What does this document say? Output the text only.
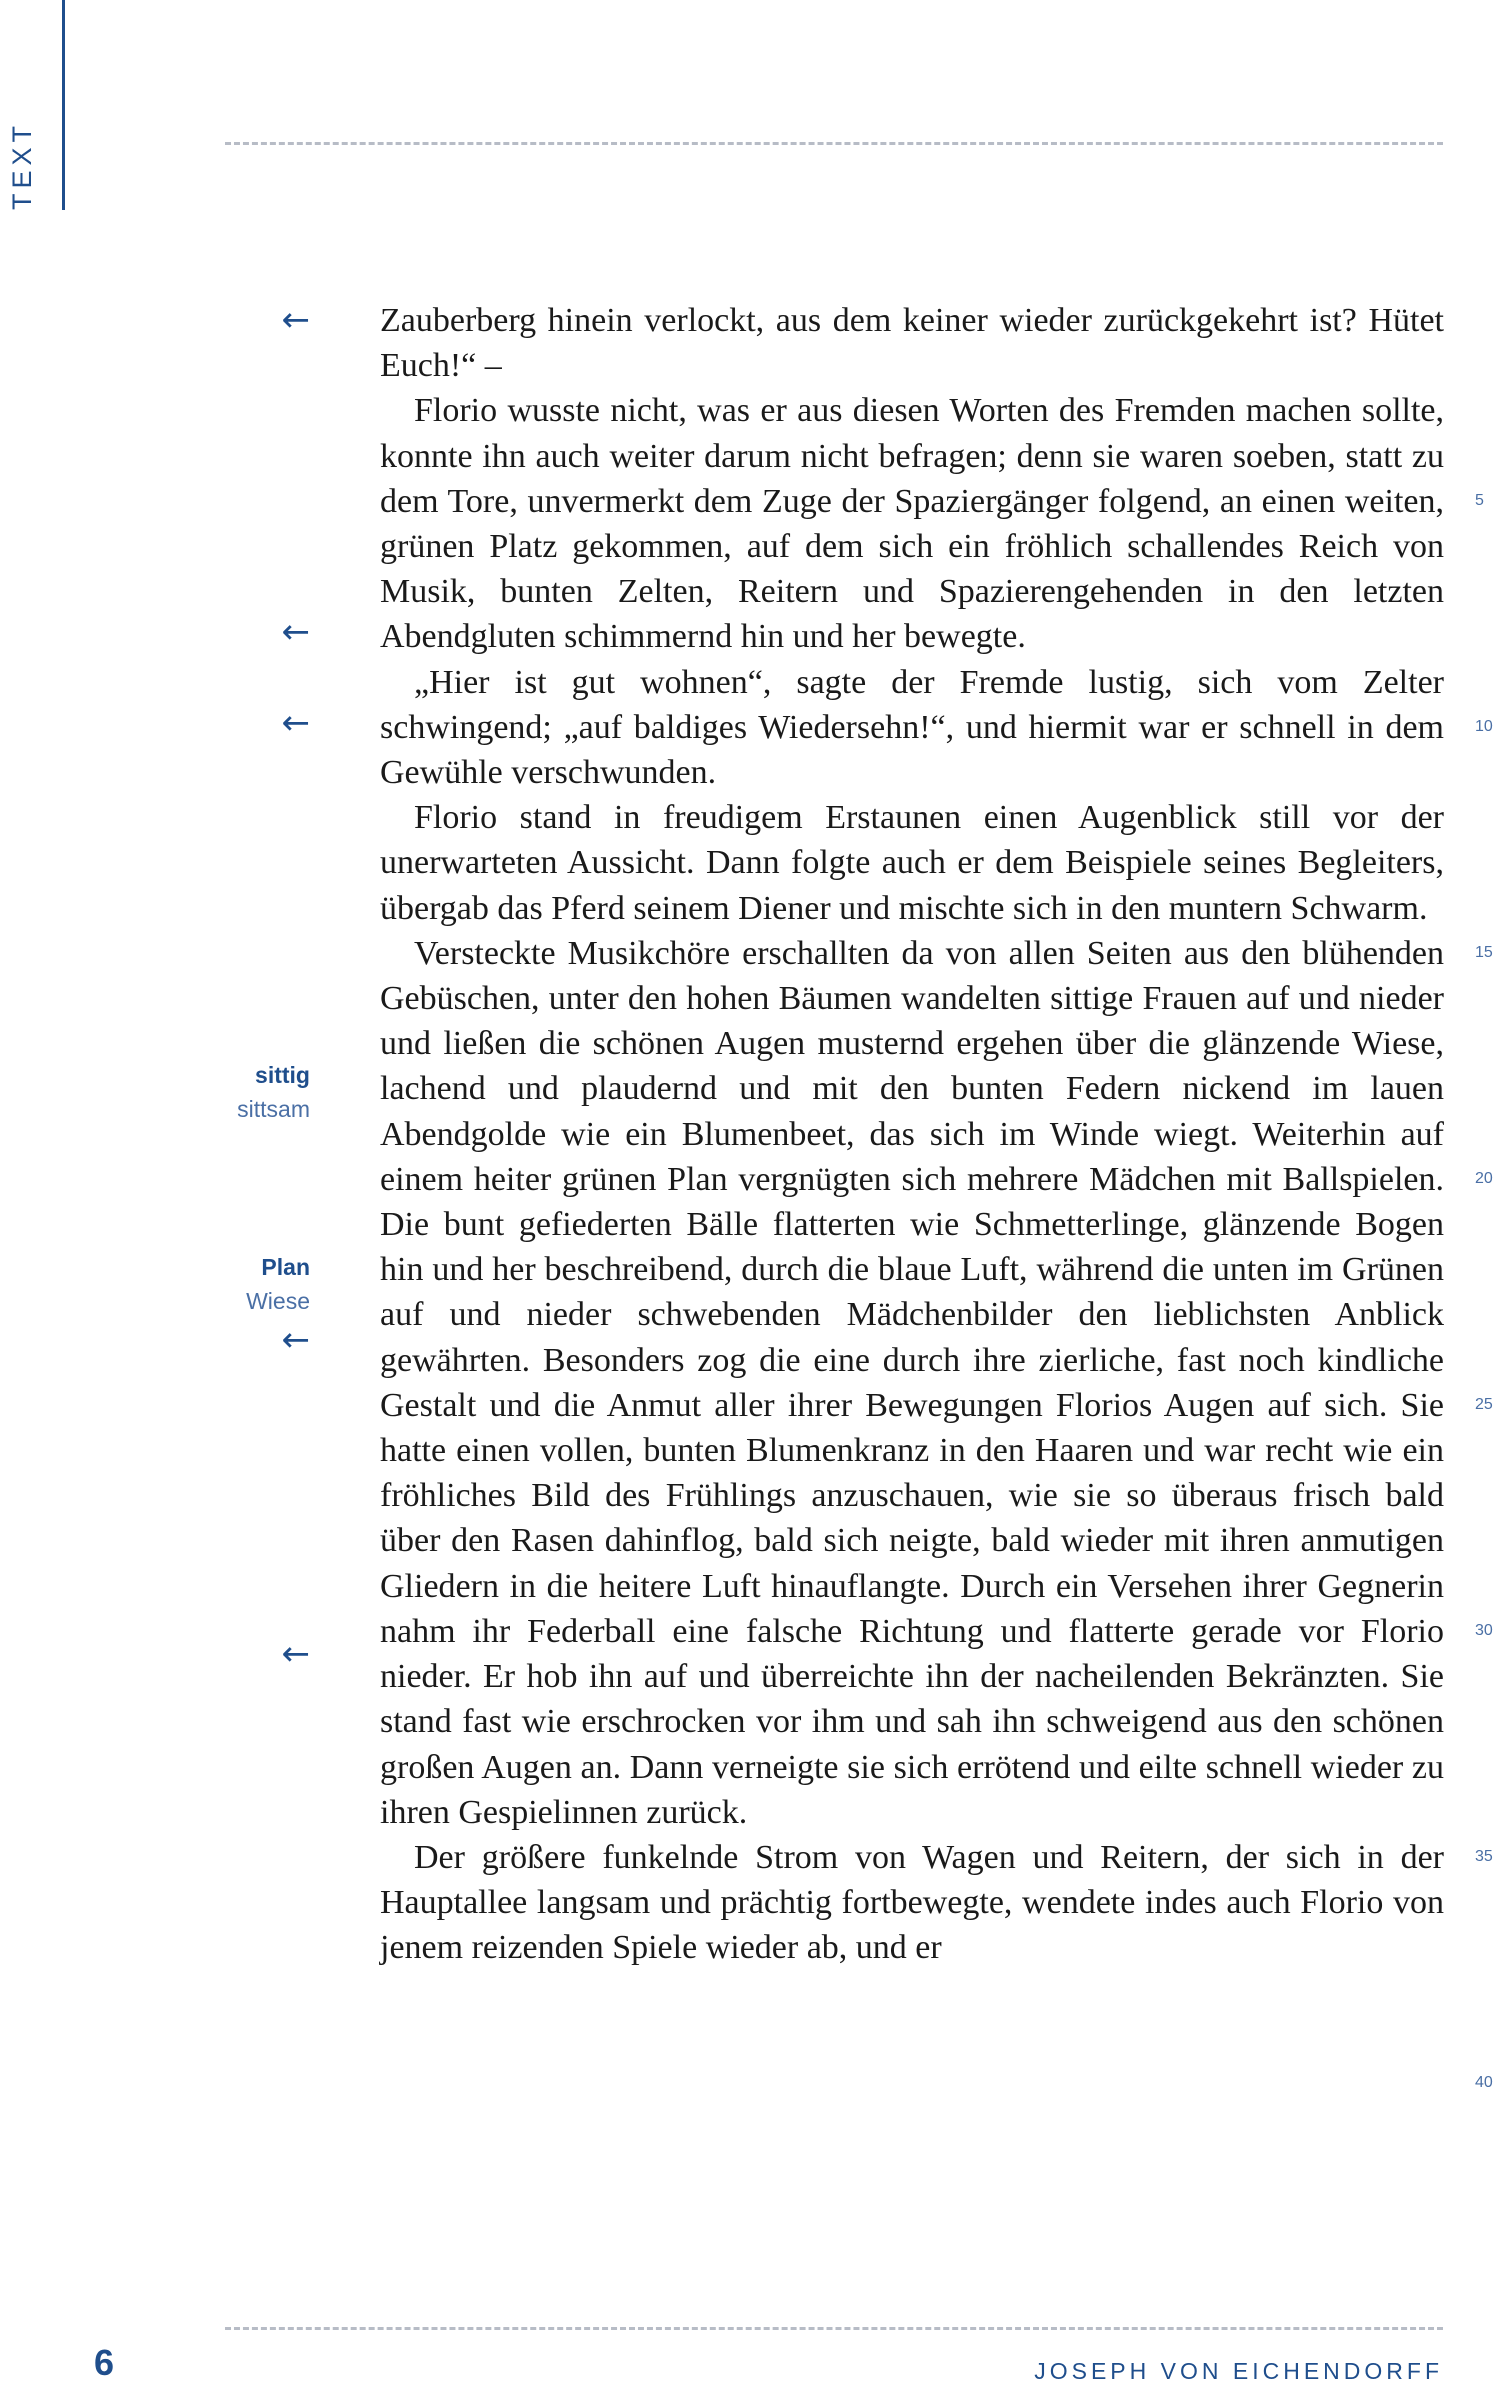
TEXT
←
←
←
sittig
sittsam
Plan
Wiese
←
←

Zauberberg hinein verlockt, aus dem keiner wieder zurückgekehrt ist? Hütet Euch!“ –

Florio wusste nicht, was er aus diesen Worten des Fremden machen sollte, konnte ihn auch weiter darum nicht befragen; denn sie waren soeben, statt zu dem Tore, unvermerkt dem Zuge der Spaziergänger folgend, an einen weiten, grünen Platz gekommen, auf dem sich ein fröhlich schallendes Reich von Musik, bunten Zelten, Reitern und Spazierengehenden in den letzten Abendgluten schimmernd hin und her bewegte.

„Hier ist gut wohnen“, sagte der Fremde lustig, sich vom Zelter schwingend; „auf baldiges Wiedersehn!“, und hiermit war er schnell in dem Gewühle verschwunden.

Florio stand in freudigem Erstaunen einen Augenblick still vor der unerwarteten Aussicht. Dann folgte auch er dem Beispiele seines Begleiters, übergab das Pferd seinem Diener und mischte sich in den muntern Schwarm.

Versteckte Musikchöre erschallten da von allen Seiten aus den blühenden Gebüschen, unter den hohen Bäumen wandelten sittige Frauen auf und nieder und ließen die schönen Augen musternd ergehen über die glänzende Wiese, lachend und plaudernd und mit den bunten Federn nickend im lauen Abendgolde wie ein Blumenbeet, das sich im Winde wiegt. Weiterhin auf einem heiter grünen Plan vergnügten sich mehrere Mädchen mit Ballspielen. Die bunt gefiederten Bälle flatterten wie Schmetterlinge, glänzende Bogen hin und her beschreibend, durch die blaue Luft, während die unten im Grünen auf und nieder schwebenden Mädchenbilder den lieblichsten Anblick gewährten. Besonders zog die eine durch ihre zierliche, fast noch kindliche Gestalt und die Anmut aller ihrer Bewegungen Florios Augen auf sich. Sie hatte einen vollen, bunten Blumenkranz in den Haaren und war recht wie ein fröhliches Bild des Frühlings anzuschauen, wie sie so überaus frisch bald über den Rasen dahinflog, bald sich neigte, bald wieder mit ihren anmutigen Gliedern in die heitere Luft hinauflangte. Durch ein Versehen ihrer Gegnerin nahm ihr Federball eine falsche Richtung und flatterte gerade vor Florio nieder. Er hob ihn auf und überreichte ihn der nacheilenden Bekränzten. Sie stand fast wie erschrocken vor ihm und sah ihn schweigend aus den schönen großen Augen an. Dann verneigte sie sich errötend und eilte schnell wieder zu ihren Gespielinnen zurück.

Der größere funkelnde Strom von Wagen und Reitern, der sich in der Hauptallee langsam und prächtig fortbewegte, wendete indes auch Florio von jenem reizenden Spiele wieder ab, und er

5
10
15
20
25
30
35
40
6	JOSEPH VON EICHENDORFF
